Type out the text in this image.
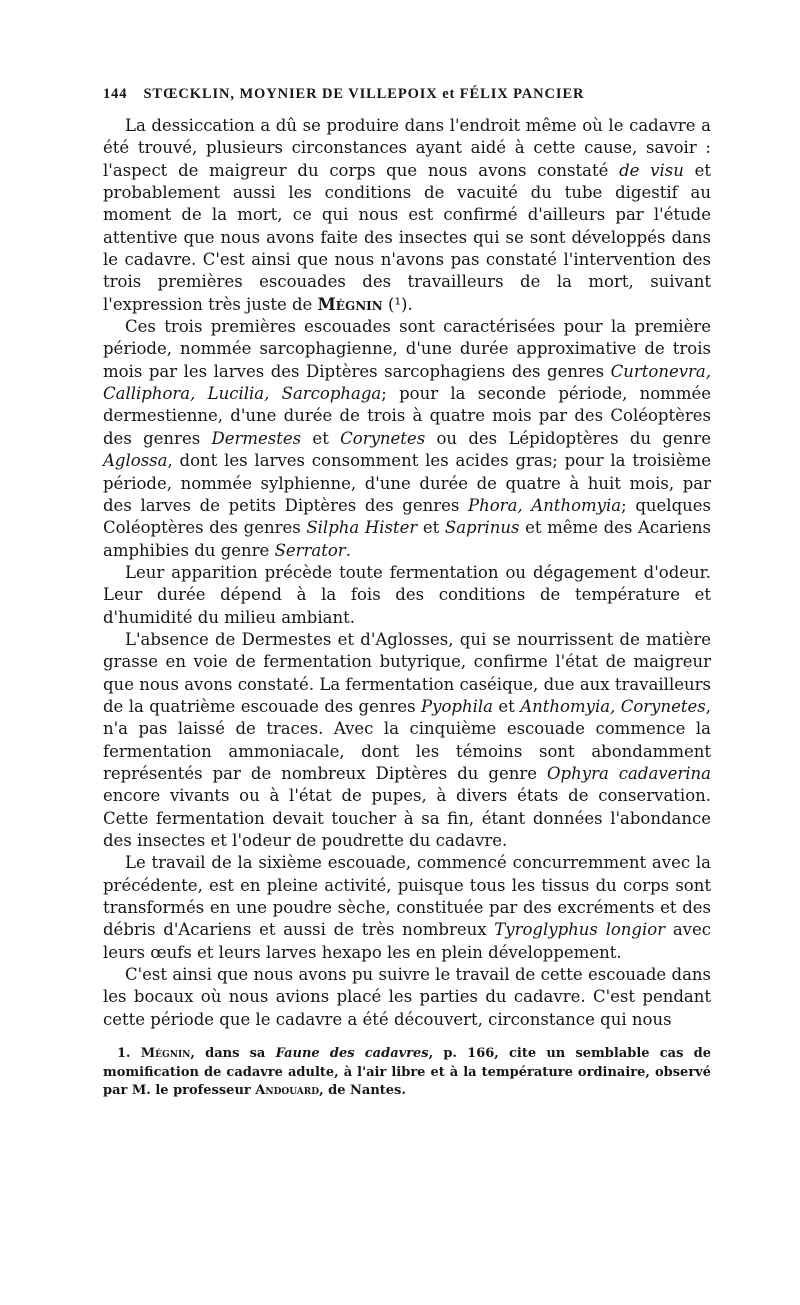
144 STŒCKLIN, MOYNIER DE VILLEPOIX et FÉLIX PANCIER

La dessiccation a dû se produire dans l'endroit même où le cadavre a été trouvé, plusieurs circonstances ayant aidé à cette cause, savoir : l'aspect de maigreur du corps que nous avons constaté de visu et probablement aussi les conditions de vacuité du tube digestif au moment de la mort, ce qui nous est confirmé d'ailleurs par l'étude attentive que nous avons faite des insectes qui se sont développés dans le cadavre. C'est ainsi que nous n'avons pas constaté l'intervention des trois premières escouades des travailleurs de la mort, suivant l'expression très juste de Mégnin (¹).

Ces trois premières escouades sont caractérisées pour la première période, nommée sarcophagienne, d'une durée approximative de trois mois par les larves des Diptères sarcophagiens des genres Curtonevra, Calliphora, Lucilia, Sarcophaga; pour la seconde période, nommée dermestienne, d'une durée de trois à quatre mois par des Coléoptères des genres Dermestes et Corynetes ou des Lépidoptères du genre Aglossa, dont les larves consomment les acides gras; pour la troisième période, nommée sylphienne, d'une durée de quatre à huit mois, par des larves de petits Diptères des genres Phora, Anthomyia; quelques Coléoptères des genres Silpha Hister et Saprinus et même des Acariens amphibies du genre Serrator.

Leur apparition précède toute fermentation ou dégagement d'odeur. Leur durée dépend à la fois des conditions de température et d'humidité du milieu ambiant.

L'absence de Dermestes et d'Aglosses, qui se nourrissent de matière grasse en voie de fermentation butyrique, confirme l'état de maigreur que nous avons constaté. La fermentation caséique, due aux travailleurs de la quatrième escouade des genres Pyophila et Anthomyia, Corynetes, n'a pas laissé de traces. Avec la cinquième escouade commence la fermentation ammoniacale, dont les témoins sont abondamment représentés par de nombreux Diptères du genre Ophyra cadaverina encore vivants ou à l'état de pupes, à divers états de conservation. Cette fermentation devait toucher à sa fin, étant données l'abondance des insectes et l'odeur de poudrette du cadavre.

Le travail de la sixième escouade, commencé concurremment avec la précédente, est en pleine activité, puisque tous les tissus du corps sont transformés en une poudre sèche, constituée par des excréments et des débris d'Acariens et aussi de très nombreux Tyroglyphus longior avec leurs œufs et leurs larves hexapo les en plein développement.

C'est ainsi que nous avons pu suivre le travail de cette escouade dans les bocaux où nous avions placé les parties du cadavre. C'est pendant cette période que le cadavre a été découvert, circonstance qui nous

1. Mégnin, dans sa Faune des cadavres, p. 166, cite un semblable cas de momification de cadavre adulte, à l'air libre et à la température ordinaire, observé par M. le professeur Andouard, de Nantes.
